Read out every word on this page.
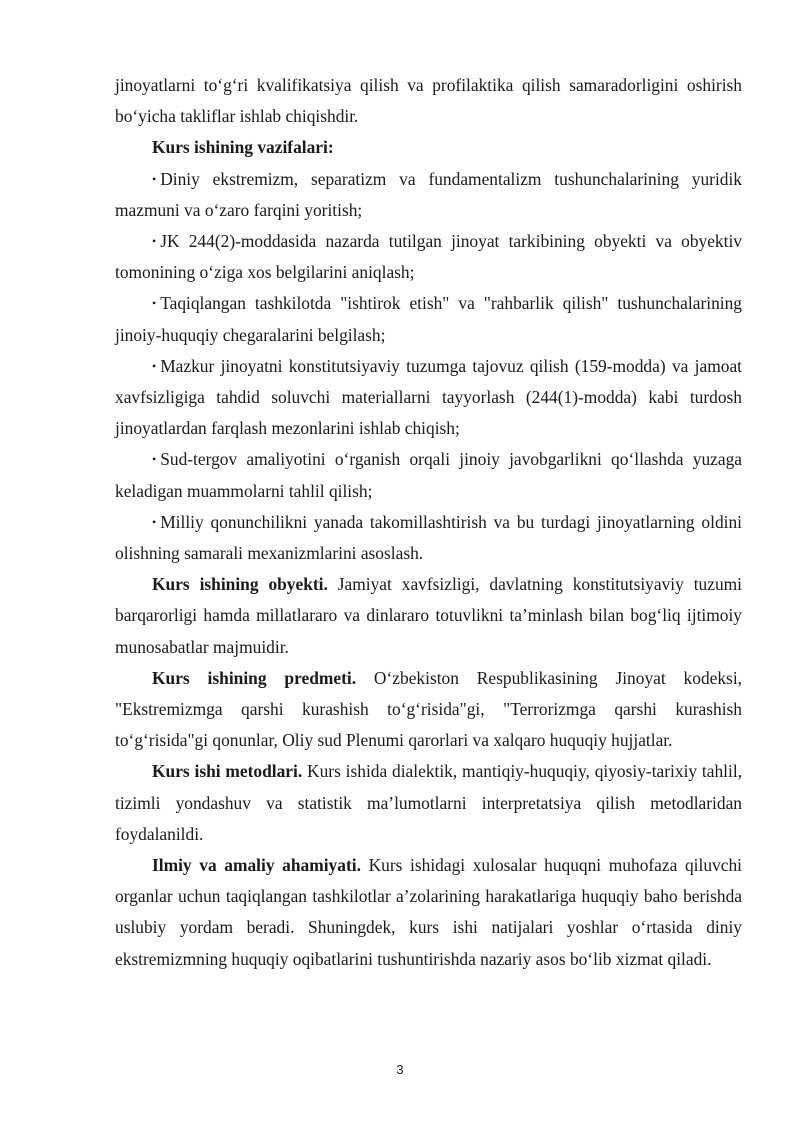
jinoyatlarni to‘g‘ri kvalifikatsiya qilish va profilaktika qilish samaradorligini oshirish bo‘yicha takliflar ishlab chiqishdir.

Kurs ishining vazifalari:

• Diniy ekstremizm, separatizm va fundamentalizm tushunchalarining yuridik mazmuni va o‘zaro farqini yoritish;

• JK 244(2)-moddasida nazarda tutilgan jinoyat tarkibining obyekti va obyektiv tomonining o‘ziga xos belgilarini aniqlash;

• Taqiqlangan tashkilotda "ishtirok etish" va "rahbarlik qilish" tushunchalarining jinoiy-huquqiy chegaralarini belgilash;

• Mazkur jinoyatni konstitutsiyaviy tuzumga tajovuz qilish (159-modda) va jamoat xavfsizligiga tahdid soluvchi materiallarni tayyorlash (244(1)-modda) kabi turdosh jinoyatlardan farqlash mezonlarini ishlab chiqish;

• Sud-tergov amaliyotini o‘rganish orqali jinoiy javobgarlikni qo‘llashda yuzaga keladigan muammolarni tahlil qilish;

• Milliy qonunchilikni yanada takomillashtirish va bu turdagi jinoyatlarning oldini olishning samarali mexanizmlarini asoslash.

Kurs ishining obyekti. Jamiyat xavfsizligi, davlatning konstitutsiyaviy tuzumi barqarorligi hamda millatlararo va dinlararo totuvlikni ta’minlash bilan bog‘liq ijtimoiy munosabatlar majmuidir.

Kurs ishining predmeti. O‘zbekiston Respublikasining Jinoyat kodeksi, "Ekstremizmga qarshi kurashish to‘g‘risida"gi, "Terrorizmga qarshi kurashish to‘g‘risida"gi qonunlar, Oliy sud Plenumi qarorlari va xalqaro huquqiy hujjatlar.

Kurs ishi metodlari. Kurs ishida dialektik, mantiqiy-huquqiy, qiyosiy-tarixiy tahlil, tizimli yondashuv va statistik ma’lumotlarni interpretatsiya qilish metodlaridan foydalanildi.

Ilmiy va amaliy ahamiyati. Kurs ishidagi xulosalar huquqni muhofaza qiluvchi organlar uchun taqiqlangan tashkilotlar a’zolarining harakatlariga huquqiy baho berishda uslubiy yordam beradi. Shuningdek, kurs ishi natijalari yoshlar o‘rtasida diniy ekstremizmning huquqiy oqibatlarini tushuntirishda nazariy asos bo‘lib xizmat qiladi.

3
